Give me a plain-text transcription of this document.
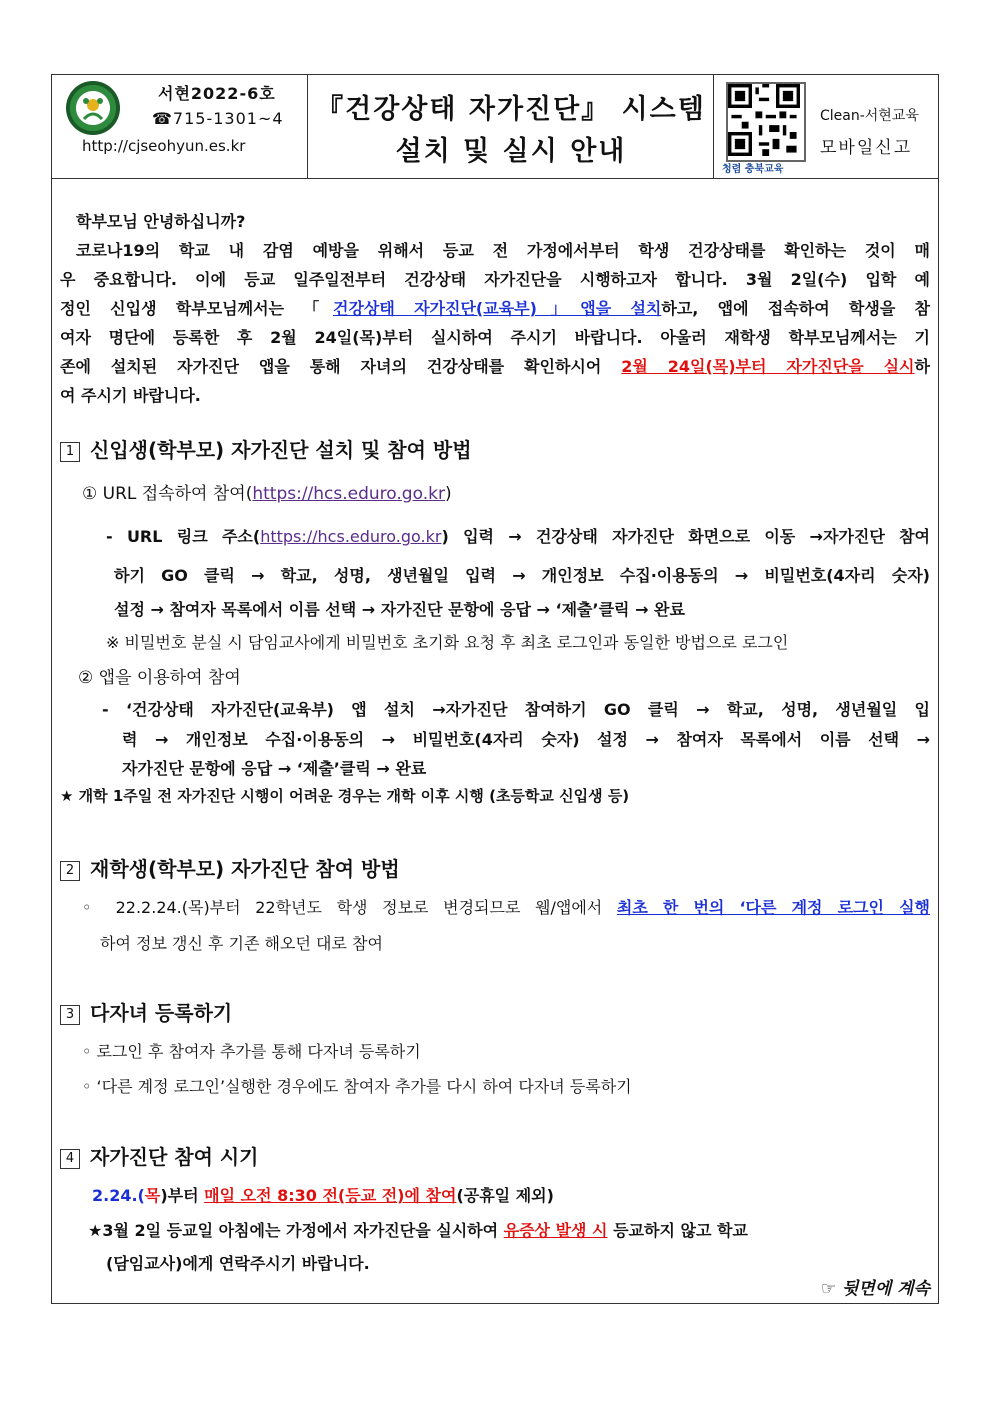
서현2022-6호
☎715-1301~4
http://cjseohyun.es.kr
『건강상태 자가진단』 시스템
설치 및 실시 안내
청렴 충북교육
Clean-서현교육
모바일신고
학부모님 안녕하십니까?
코로나19의 학교 내 감염 예방을 위해서 등교 전 가정에서부터 학생 건강상태를 확인하는 것이 매
우 중요합니다. 이에 등교 일주일전부터 건강상태 자가진단을 시행하고자 합니다. 3월 2일(수) 입학 예
정인 신입생 학부모님께서는 「건강상태 자가진단(교육부)」앱을 설치하고, 앱에 접속하여 학생을 참
여자 명단에 등록한 후 2월 24일(목)부터 실시하여 주시기 바랍니다. 아울러 재학생 학부모님께서는 기
존에 설치된 자가진단 앱을 통해 자녀의 건강상태를 확인하시어 2월 24일(목)부터 자가진단을 실시하
여 주시기 바랍니다.
1 신입생(학부모) 자가진단 설치 및 참여 방법
① URL 접속하여 참여(https://hcs.eduro.go.kr)
- URL 링크 주소(https://hcs.eduro.go.kr) 입력 → 건강상태 자가진단 화면으로 이동 →자가진단 참여
하기 GO 클릭 → 학교, 성명, 생년월일 입력 → 개인정보 수집·이용동의 → 비밀번호(4자리 숫자)
설정 → 참여자 목록에서 이름 선택 → 자가진단 문항에 응답 → ‘제출’클릭 → 완료
※ 비밀번호 분실 시 담임교사에게 비밀번호 초기화 요청 후 최초 로그인과 동일한 방법으로 로그인
② 앱을 이용하여 참여
- ‘건강상태 자가진단(교육부) 앱 설치 →자가진단 참여하기 GO 클릭 → 학교, 성명, 생년월일 입
력 → 개인정보 수집·이용동의 → 비밀번호(4자리 숫자) 설정 → 참여자 목록에서 이름 선택 →
자가진단 문항에 응답 → ‘제출’클릭 → 완료
★ 개학 1주일 전 자가진단 시행이 어려운 경우는 개학 이후 시행 (초등학교 신입생 등)
2 재학생(학부모) 자가진단 참여 방법
◦ 22.2.24.(목)부터 22학년도 학생 정보로 변경되므로 웹/앱에서 최초 한 번의 ‘다른 계정 로그인 실행
하여 정보 갱신 후 기존 해오던 대로 참여
3 다자녀 등록하기
◦ 로그인 후 참여자 추가를 통해 다자녀 등록하기
◦ ‘다른 계정 로그인’실행한 경우에도 참여자 추가를 다시 하여 다자녀 등록하기
4 자가진단 참여 시기
2.24.(목)부터 매일 오전 8:30 전(등교 전)에 참여(공휴일 제외)
★3월 2일 등교일 아침에는 가정에서 자가진단을 실시하여 유증상 발생 시 등교하지 않고 학교
(담임교사)에게 연락주시기 바랍니다.
☞ 뒷면에 계속
